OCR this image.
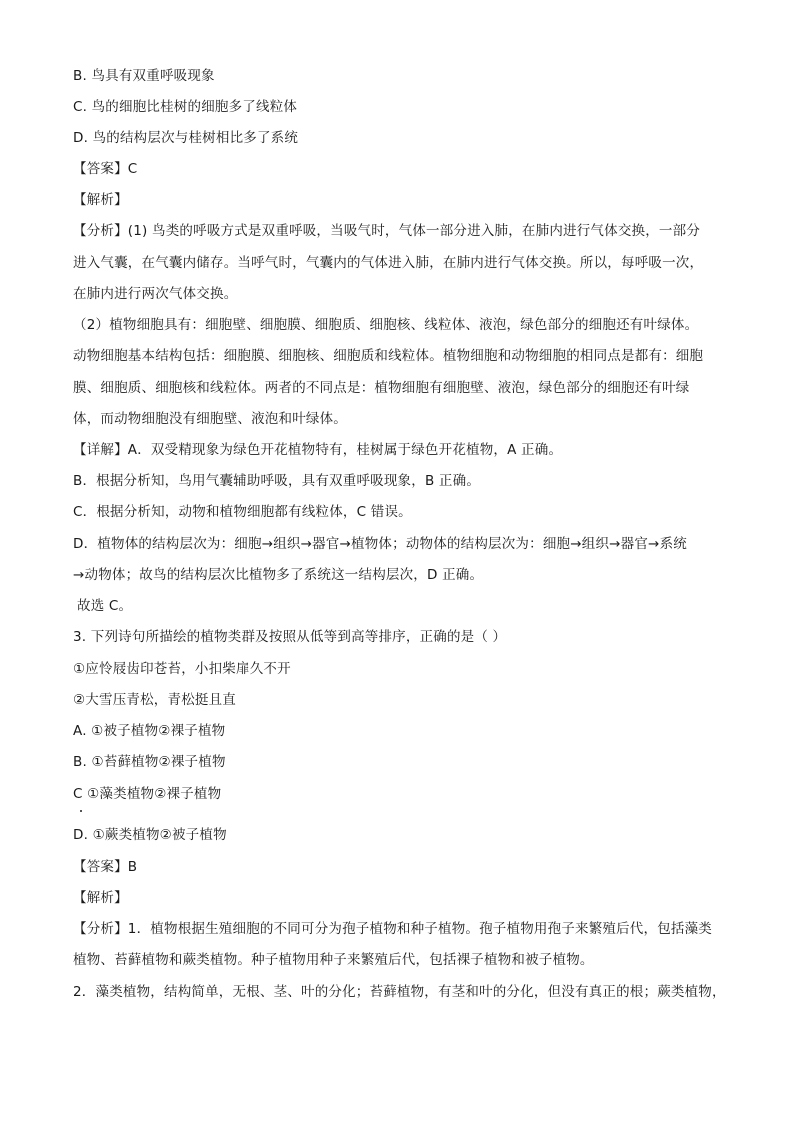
B. 鸟具有双重呼吸现象
C. 鸟的细胞比桂树的细胞多了线粒体
D. 鸟的结构层次与桂树相比多了系统
【答案】C
【解析】
【分析】(1) 鸟类的呼吸方式是双重呼吸，当吸气时，气体一部分进入肺，在肺内进行气体交换，一部分
进入气囊，在气囊内储存。当呼气时，气囊内的气体进入肺，在肺内进行气体交换。所以，每呼吸一次，
在肺内进行两次气体交换。
（2）植物细胞具有：细胞壁、细胞膜、细胞质、细胞核、线粒体、液泡，绿色部分的细胞还有叶绿体。
动物细胞基本结构包括：细胞膜、细胞核、细胞质和线粒体。植物细胞和动物细胞的相同点是都有：细胞
膜、细胞质、细胞核和线粒体。两者的不同点是：植物细胞有细胞壁、液泡，绿色部分的细胞还有叶绿
体，而动物细胞没有细胞壁、液泡和叶绿体。
【详解】A．双受精现象为绿色开花植物特有，桂树属于绿色开花植物，A 正确。
B．根据分析知，鸟用气囊辅助呼吸，具有双重呼吸现象，B 正确。
C．根据分析知，动物和植物细胞都有线粒体，C 错误。
D．植物体的结构层次为：细胞→组织→器官→植物体；动物体的结构层次为：细胞→组织→器官→系统
→动物体；故鸟的结构层次比植物多了系统这一结构层次，D 正确。
故选 C。
3. 下列诗句所描绘的植物类群及按照从低等到高等排序，正确的是（ ）
①应怜屐齿印苍苔，小扣柴扉久不开
②大雪压青松，青松挺且直
A. ①被子植物②裸子植物
B. ①苔藓植物②裸子植物
C ①藻类植物②裸子植物
D. ①蕨类植物②被子植物
【答案】B
【解析】
【分析】1．植物根据生殖细胞的不同可分为孢子植物和种子植物。孢子植物用孢子来繁殖后代，包括藻类
植物、苔藓植物和蕨类植物。种子植物用种子来繁殖后代，包括裸子植物和被子植物。
2．藻类植物，结构简单，无根、茎、叶的分化；苔藓植物，有茎和叶的分化，但没有真正的根；蕨类植物，
